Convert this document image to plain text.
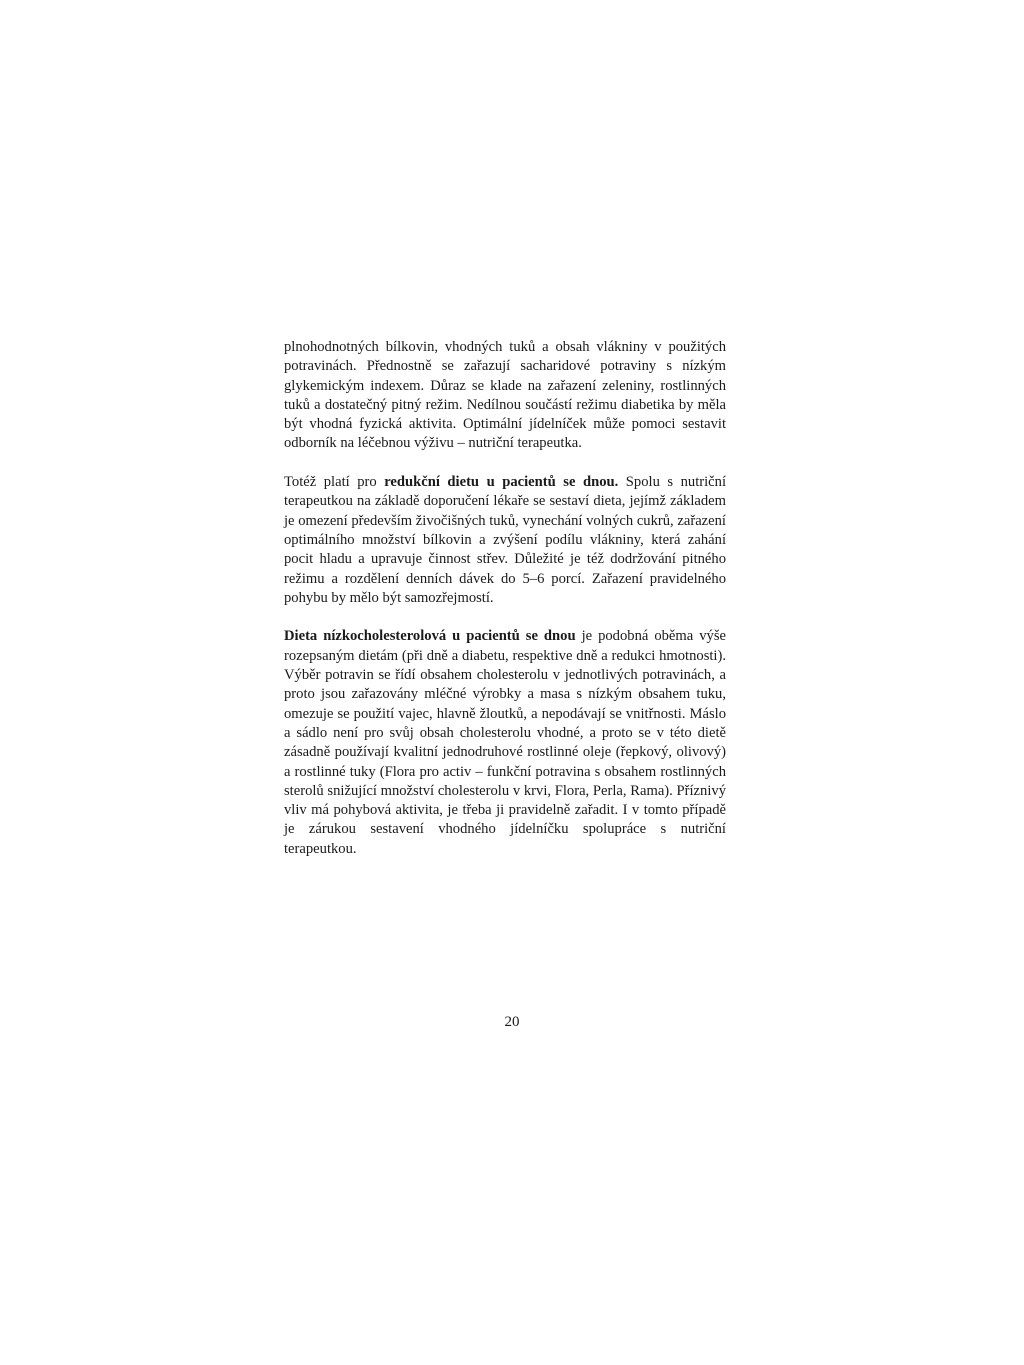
plnohodnotných bílkovin, vhodných tuků a obsah vlákniny v použitých potravinách. Přednostně se zařazují sacharidové potraviny s nízkým glykemickým indexem. Důraz se klade na zařazení zeleniny, rostlinných tuků a dostatečný pitný režim. Nedílnou součástí režimu diabetika by měla být vhodná fyzická aktivita. Optimální jídelníček může pomoci sestavit odborník na léčebnou výživu – nutriční terapeutka.

Totéž platí pro redukční dietu u pacientů se dnou. Spolu s nutriční terapeutkou na základě doporučení lékaře se sestaví dieta, jejímž základem je omezení především živočišných tuků, vynechání volných cukrů, zařazení optimálního množství bílkovin a zvýšení podílu vlákniny, která zahání pocit hladu a upravuje činnost střev. Důležité je též dodržování pitného režimu a rozdělení denních dávek do 5–6 porcí. Zařazení pravidelného pohybu by mělo být samozřejmostí.

Dieta nízkocholesterolová u pacientů se dnou je podobná oběma výše rozepsaným dietám (při dně a diabetu, respektive dně a redukci hmotnosti). Výběr potravin se řídí obsahem cholesterolu v jednotlivých potravinách, a proto jsou zařazovány mléčné výrobky a masa s nízkým obsahem tuku, omezuje se použití vajec, hlavně žloutků, a nepodávají se vnitřnosti. Máslo a sádlo není pro svůj obsah cholesterolu vhodné, a proto se v této dietě zásadně používají kvalitní jednodruhové rostlinné oleje (řepkový, olivový) a rostlinné tuky (Flora pro activ – funkční potravina s obsahem rostlinných sterolů snižující množství cholesterolu v krvi, Flora, Perla, Rama). Příznivý vliv má pohybová aktivita, je třeba ji pravidelně zařadit. I v tomto případě je zárukou sestavení vhodného jídelníčku spolupráce s nutriční terapeutkou.

20
